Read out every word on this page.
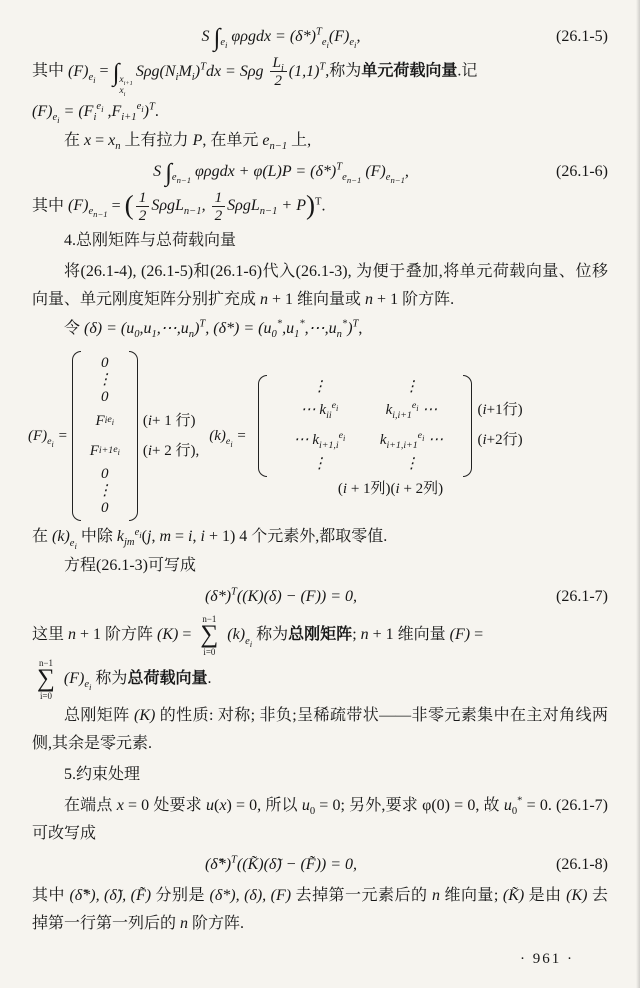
S $\int_{e_i}$ $\varphi\rho gdx = (\delta*)^T_{e_i}(F)_{e_i}$,	(26.1-5)

其中 $(F)_{e_i}$ = ∫ $x_{i+1}$
$x_i$
$S\rho g(N_iM_i)^Tdx = S\rho g \frac{L_i}{2} (1,1)^T$,称为单元荷载向量.记

$(F)_{e_i} = (F_i^{e_i}$ $,F_{i+1}^{e_i})^T$.

在 $x = x_n$ 上有拉力 P, 在单元 $e_{n-1}$ 上,

S $\int_{e_{n-1}}$ $\varphi\rho gdx + \varphi(L)P = (\delta*)^T_{e_{n-1}}$ $(F)_{e_{n-1}}$,	(26.1-6)

其中 $(F)_{e_{n-1}}$ = ( $\frac{1}{2} S\rho gL_{n-1}$, $\frac{1}{2} S\rho gL_{n-1} + P)^T$.

4.总刚矩阵与总荷载向量

将(26.1-4), (26.1-5)和(26.1-6)代入(26.1-3), 为便于叠加,将单元荷载向量、位移向量、单元刚度矩阵分别扩充成 n + 1 维向量或 n + 1 阶方阵.

令 $(\delta) = (u_0,u_1,\cdots,u_n)^T$, $(\delta*) = (u_0^*,u_1^*,\cdots,u_n^*)^T$,

$(F)_{e_i}$ =
0
⋮
0
F i $e_i$
F i+1 $e_i$
0
⋮
0
( i + 1 行)
( i + 2 行),
$(k)_{e_i}$ =
⋮	⋮
⋯ $k_{ii}^{e_i}$	$k_{i,i+1}^{e_i}$ ⋯
⋯ $k_{i+1,i}^{e_i}$	$k_{i+1,i+1}^{e_i}$ ⋯
⋮	⋮
( i +1行)
( i +2行)
(i + 1列)(i + 2列)

在 $(k)_{e_i}$ 中除 $k_{jm}^{e_i}(j$, m = i, i + 1) 4 个元素外,都取零值.

方程(26.1-3)可写成

$(\delta*)^T((K)(\delta) - (F)) = 0$,	(26.1-7)

这里 n + 1 阶方阵 (K) =
n−1
∑
i=0
$(k)_{e_i}$ 称为总刚矩阵; n + 1 维向量 (F) =

n−1
∑
i=0
$(F)_{e_i}$ 称为总荷载向量.

总刚矩阵 (K) 的性质: 对称; 非负;呈稀疏带状——非零元素集中在主对角线两侧,其余是零元素.

5.约束处理

在端点 x = 0 处要求 u(x) = 0, 所以 $u_0 = 0$; 另外,要求 φ(0) = 0, 故 $u_0^* = 0$. (26.1-7)可改写成

(δ̃*)$^T$((K̃)(δ̃) − (F̃)) = 0,	(26.1-8)

其中 (δ̃*), (δ̃), (F̃) 分别是 (δ*), (δ), (F) 去掉第一元素后的 n 维向量; (K̃) 是由 (K) 去掉第一行第一列后的 n 阶方阵.

· 961 ·
